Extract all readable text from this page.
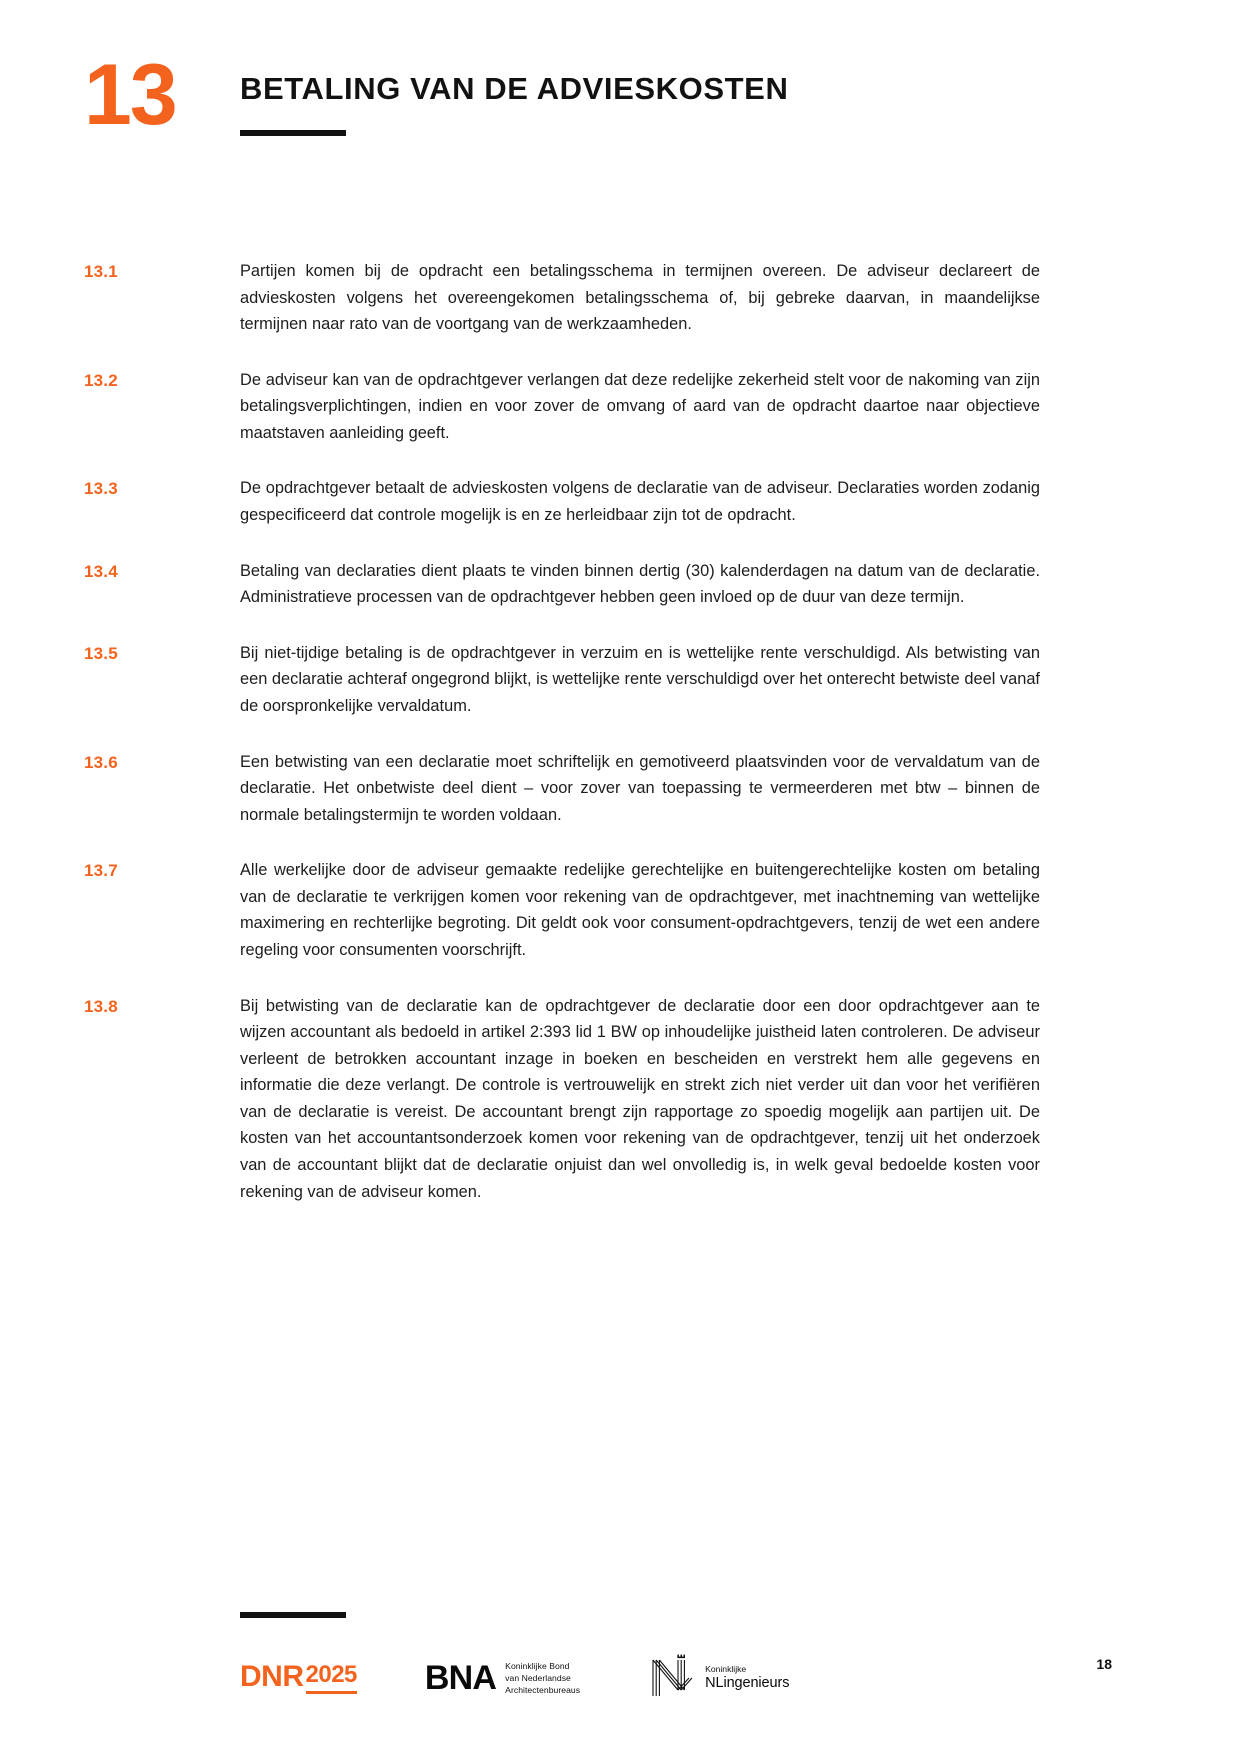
13 BETALING VAN DE ADVIESKOSTEN
13.1	Partijen komen bij de opdracht een betalingsschema in termijnen overeen. De adviseur declareert de advieskosten volgens het overeengekomen betalingsschema of, bij gebreke daarvan, in maandelijkse termijnen naar rato van de voortgang van de werkzaamheden.
13.2	De adviseur kan van de opdrachtgever verlangen dat deze redelijke zekerheid stelt voor de nakoming van zijn betalingsverplichtingen, indien en voor zover de omvang of aard van de opdracht daartoe naar objectieve maatstaven aanleiding geeft.
13.3	De opdrachtgever betaalt de advieskosten volgens de declaratie van de adviseur. Declaraties worden zodanig gespecificeerd dat controle mogelijk is en ze herleidbaar zijn tot de opdracht.
13.4	Betaling van declaraties dient plaats te vinden binnen dertig (30) kalenderdagen na datum van de declaratie. Administratieve processen van de opdrachtgever hebben geen invloed op de duur van deze termijn.
13.5	Bij niet-tijdige betaling is de opdrachtgever in verzuim en is wettelijke rente verschuldigd. Als betwisting van een declaratie achteraf ongegrond blijkt, is wettelijke rente verschuldigd over het onterecht betwiste deel vanaf de oorspronkelijke vervaldatum.
13.6	Een betwisting van een declaratie moet schriftelijk en gemotiveerd plaatsvinden voor de vervaldatum van de declaratie. Het onbetwiste deel dient – voor zover van toepassing te vermeerderen met btw – binnen de normale betalingstermijn te worden voldaan.
13.7	Alle werkelijke door de adviseur gemaakte redelijke gerechtelijke en buitengerechtelijke kosten om betaling van de declaratie te verkrijgen komen voor rekening van de opdrachtgever, met inachtneming van wettelijke maximering en rechterlijke begroting. Dit geldt ook voor consument-opdrachtgevers, tenzij de wet een andere regeling voor consumenten voorschrijft.
13.8	Bij betwisting van de declaratie kan de opdrachtgever de declaratie door een door opdrachtgever aan te wijzen accountant als bedoeld in artikel 2:393 lid 1 BW op inhoudelijke juistheid laten controleren. De adviseur verleent de betrokken accountant inzage in boeken en bescheiden en verstrekt hem alle gegevens en informatie die deze verlangt. De controle is vertrouwelijk en strekt zich niet verder uit dan voor het verifiëren van de declaratie is vereist. De accountant brengt zijn rapportage zo spoedig mogelijk aan partijen uit. De kosten van het accountantsonderzoek komen voor rekening van de opdrachtgever, tenzij uit het onderzoek van de accountant blijkt dat de declaratie onjuist dan wel onvolledig is, in welk geval bedoelde kosten voor rekening van de adviseur komen.
DNR 2025 BNA Koninklijke Bond
van Nederlandse
Architectenbureaus
Koninklijke
NLingenieurs
18
